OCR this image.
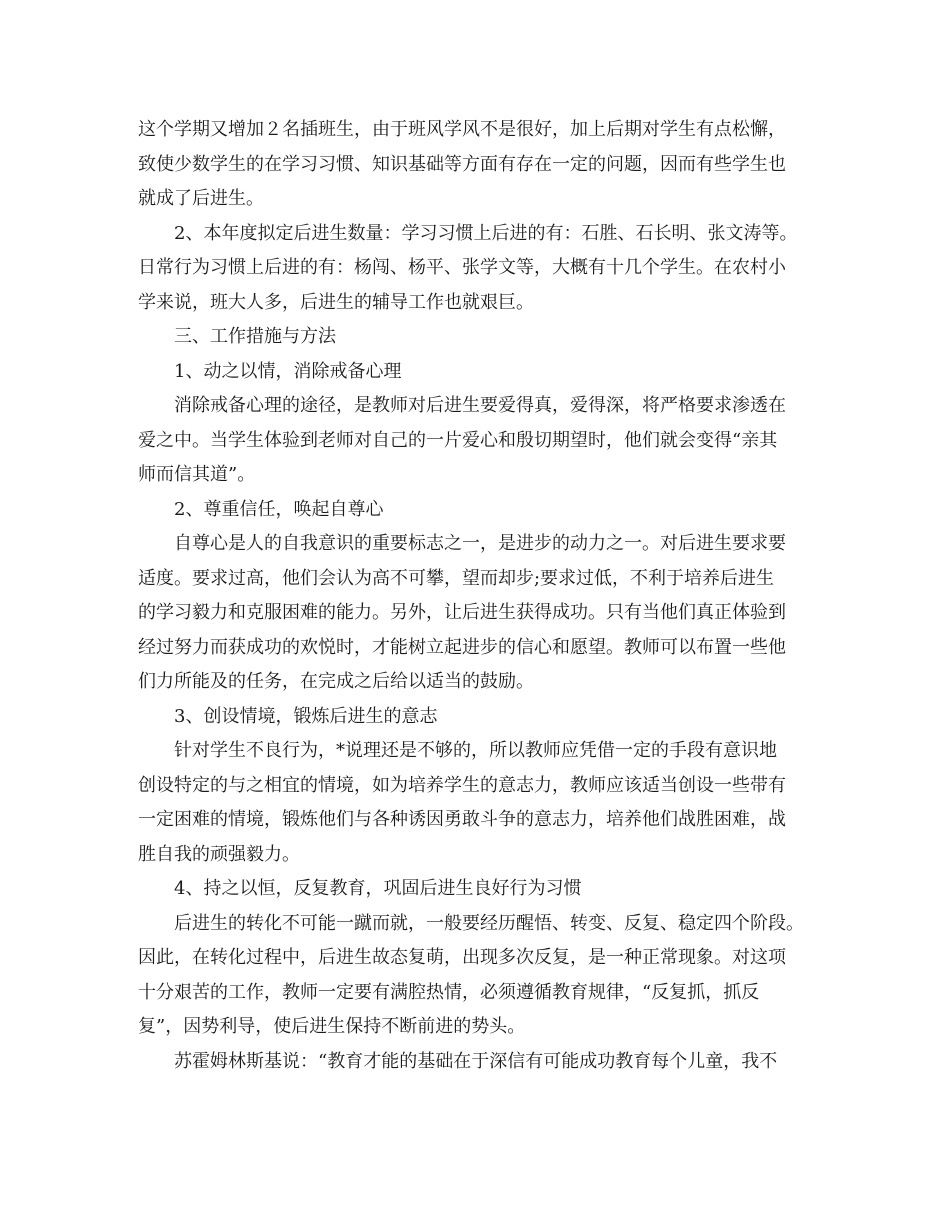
这个学期又增加２名插班生，由于班风学风不是很好，加上后期对学生有点松懈，
致使少数学生的在学习习惯、知识基础等方面有存在一定的问题，因而有些学生也
就成了后进生。
2、本年度拟定后进生数量：学习习惯上后进的有：石胜、石长明、张文涛等。
日常行为习惯上后进的有：杨闯、杨平、张学文等，大概有十几个学生。在农村小
学来说，班大人多，后进生的辅导工作也就艰巨。
三、工作措施与方法
1、动之以情，消除戒备心理
消除戒备心理的途径，是教师对后进生要爱得真，爱得深，将严格要求渗透在
爱之中。当学生体验到老师对自己的一片爱心和殷切期望时，他们就会变得“亲其
师而信其道”。
2、尊重信任，唤起自尊心
自尊心是人的自我意识的重要标志之一，是进步的动力之一。对后进生要求要
适度。要求过高，他们会认为高不可攀，望而却步;要求过低，不利于培养后进生
的学习毅力和克服困难的能力。另外，让后进生获得成功。只有当他们真正体验到
经过努力而获成功的欢悦时，才能树立起进步的信心和愿望。教师可以布置一些他
们力所能及的任务，在完成之后给以适当的鼓励。
3、创设情境，锻炼后进生的意志
针对学生不良行为，*说理还是不够的，所以教师应凭借一定的手段有意识地
创设特定的与之相宜的情境，如为培养学生的意志力，教师应该适当创设一些带有
一定困难的情境，锻炼他们与各种诱因勇敢斗争的意志力，培养他们战胜困难，战
胜自我的顽强毅力。
4、持之以恒，反复教育，巩固后进生良好行为习惯
后进生的转化不可能一蹴而就，一般要经历醒悟、转变、反复、稳定四个阶段。
因此，在转化过程中，后进生故态复萌，出现多次反复，是一种正常现象。对这项
十分艰苦的工作，教师一定要有满腔热情，必须遵循教育规律，“反复抓，抓反
复”，因势利导，使后进生保持不断前进的势头。
苏霍姆林斯基说：“教育才能的基础在于深信有可能成功教育每个儿童，我不
